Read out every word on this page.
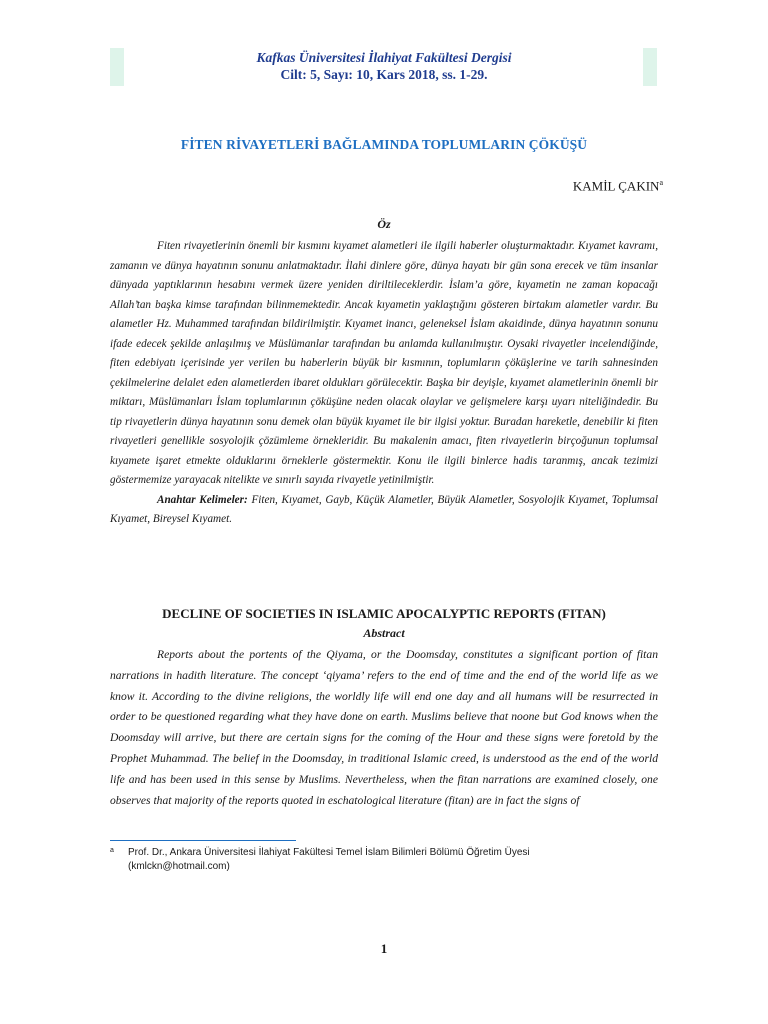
Kafkas Üniversitesi İlahiyat Fakültesi Dergisi
Cilt: 5, Sayı: 10, Kars 2018, ss. 1-29.
FİTEN RİVAYETLERİ BAĞLAMINDA TOPLUMLARIN ÇÖKÜŞÜ
KAMİL ÇAKIN$^a$
Öz

Fiten rivayetlerinin önemli bir kısmını kıyamet alametleri ile ilgili haberler oluşturmaktadır. Kıyamet kavramı, zamanın ve dünya hayatının sonunu anlatmaktadır. İlahi dinlere göre, dünya hayatı bir gün sona erecek ve tüm insanlar dünyada yaptıklarının hesabını vermek üzere yeniden diriltileceklerdir. İslam’a göre, kıyametin ne zaman kopacağı Allah’tan başka kimse tarafından bilinmemektedir. Ancak kıyametin yaklaştığını gösteren birtakım alametler vardır. Bu alametler Hz. Muhammed tarafından bildirilmiştir. Kıyamet inancı, geleneksel İslam akaidinde, dünya hayatının sonunu ifade edecek şekilde anlaşılmış ve Müslümanlar tarafından bu anlamda kullanılmıştır. Oysaki rivayetler incelendiğinde, fiten edebiyatı içerisinde yer verilen bu haberlerin büyük bir kısmının, toplumların çöküşlerine ve tarih sahnesinden çekilmelerine delalet eden alametlerden ibaret oldukları görülecektir. Başka bir deyişle, kıyamet alametlerinin önemli bir miktarı, Müslümanları İslam toplumlarının çöküşüne neden olacak olaylar ve gelişmelere karşı uyarı niteliğindedir. Bu tip rivayetlerin dünya hayatının sonu demek olan büyük kıyamet ile bir ilgisi yoktur. Buradan hareketle, denebilir ki fiten rivayetleri genellikle sosyolojik çözümleme örnekleridir. Bu makalenin amacı, fiten rivayetlerin birçoğunun toplumsal kıyamete işaret etmekte olduklarını örneklerle göstermektir. Konu ile ilgili binlerce hadis taranmış, ancak tezimizi göstermemize yarayacak nitelikte ve sınırlı sayıda rivayetle yetinilmiştir.

Anahtar Kelimeler: Fiten, Kıyamet, Gayb, Küçük Alametler, Büyük Alametler, Sosyolojik Kıyamet, Toplumsal Kıyamet, Bireysel Kıyamet.

DECLINE OF SOCIETIES IN ISLAMIC APOCALYPTIC REPORTS (FITAN)
Abstract

Reports about the portents of the Qiyama, or the Doomsday, constitutes a significant portion of fitan narrations in hadith literature. The concept ‘qiyama’ refers to the end of time and the end of the world life as we know it. According to the divine religions, the worldly life will end one day and all humans will be resurrected in order to be questioned regarding what they have done on earth. Muslims believe that noone but God knows when the Doomsday will arrive, but there are certain signs for the coming of the Hour and these signs were foretold by the Prophet Muhammad. The belief in the Doomsday, in traditional Islamic creed, is understood as the end of the world life and has been used in this sense by Muslims. Nevertheless, when the fitan narrations are examined closely, one observes that majority of the reports quoted in eschatological literature (fitan) are in fact the signs of

a Prof. Dr., Ankara Üniversitesi İlahiyat Fakültesi Temel İslam Bilimleri Bölümü Öğretim Üyesi
(kmlckn@hotmail.com)
1
